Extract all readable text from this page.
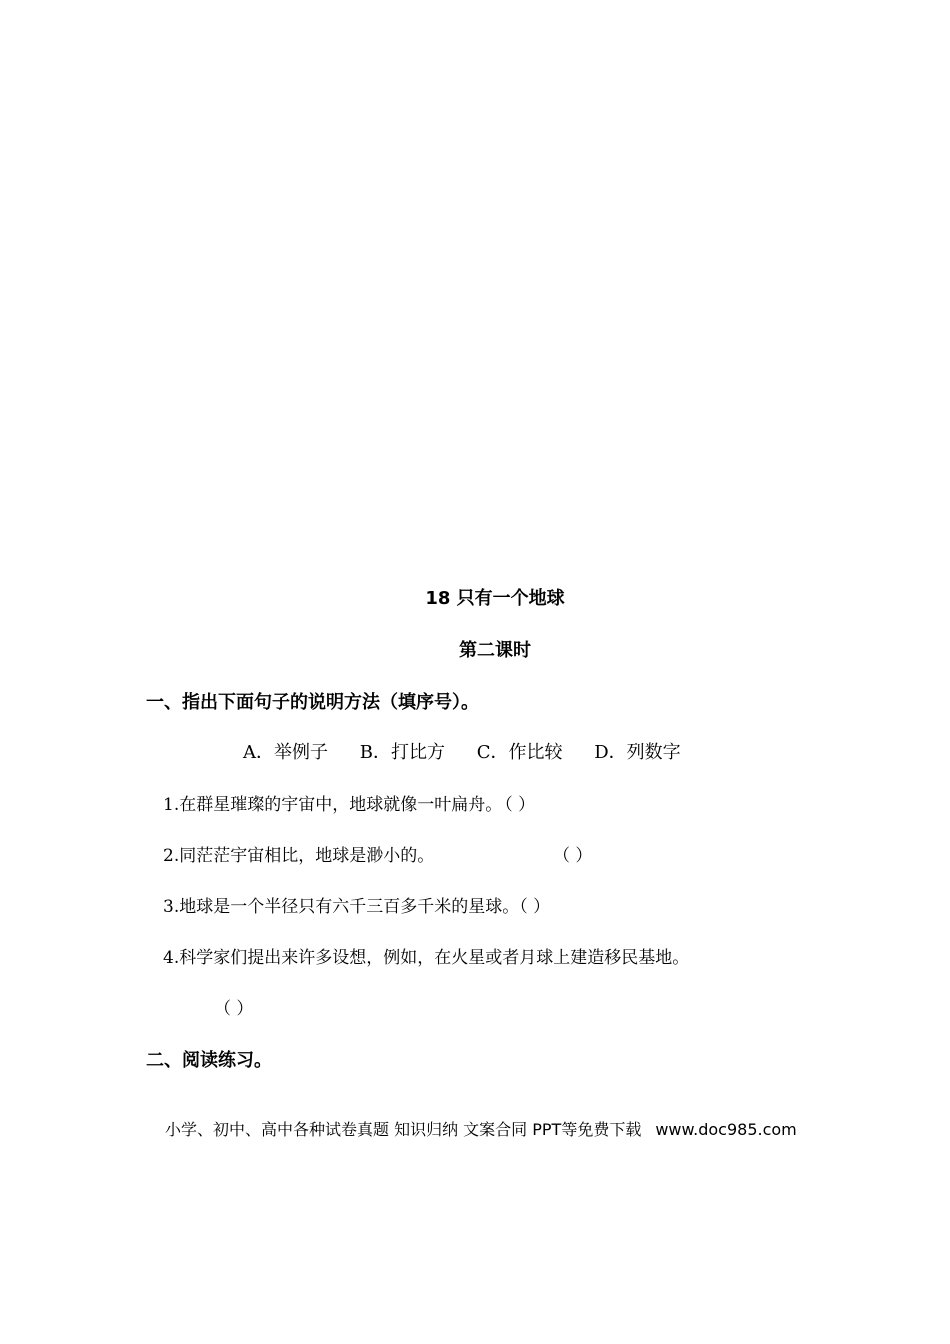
18 只有一个地球
第二课时
一、指出下面句子的说明方法（填序号）。
A．举例子 B．打比方 C．作比较 D．列数字
1.在群星璀璨的宇宙中，地球就像一叶扁舟。 （ ）
2.同茫茫宇宙相比，地球是渺小的。	（ ）
3.地球是一个半径只有六千三百多千米的星球。（ ）
4.科学家们提出来许多设想，例如，在火星或者月球上建造移民基地。
（ ）
二、阅读练习。
小学、初中、高中各种试卷真题 知识归纳 文案合同 PPT等免费下载 www.doc985.com
